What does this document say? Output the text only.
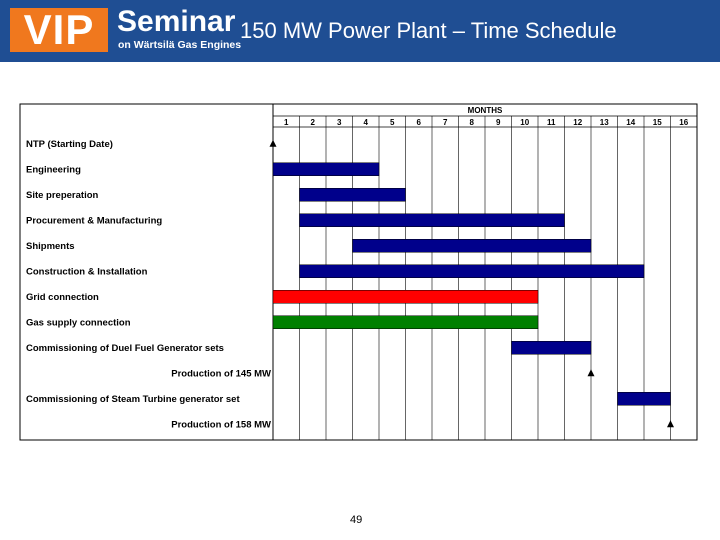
VIP Seminar
on Wärtsilä Gas Engines
150 MW Power Plant – Time Schedule
MONTHS
1	2	3	4	5	6	7	8	9 10 11 12 13 14 15 16
NTP (Starting Date)
Engineering
Site preperation
Procurement & Manufacturing
Shipments
Construction & Installation
Grid connection
Gas supply connection
Commissioning of Duel Fuel Generator sets
Production of 145 MW
Commissioning of Steam Turbine generator set
Production of 158 MW
49
